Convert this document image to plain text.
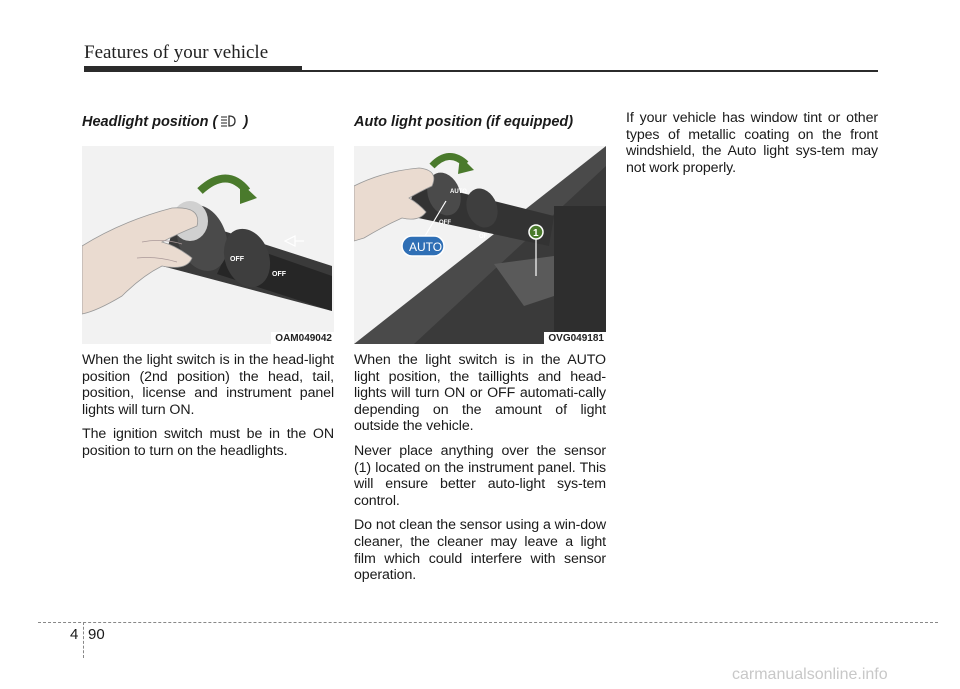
Features of your vehicle
Headlight position ( )
OFF
OFF
OAM049042

When the light switch is in the head-light position (2nd position) the head, tail, position, license and instrument panel lights will turn ON.

The ignition switch must be in the ON position to turn on the headlights.

Auto light position (if equipped)
AUTO
OFF
OF
AUTO
1
OVG049181

When the light switch is in the AUTO light position, the taillights and head-lights will turn ON or OFF automati-cally depending on the amount of light outside the vehicle.

Never place anything over the sensor (1) located on the instrument panel. This will ensure better auto-light sys-tem control.

Do not clean the sensor using a win-dow cleaner, the cleaner may leave a light film which could interfere with sensor operation.

If your vehicle has window tint or other types of metallic coating on the front windshield, the Auto light sys-tem may not work properly.

4 90
carmanualsonline.info
